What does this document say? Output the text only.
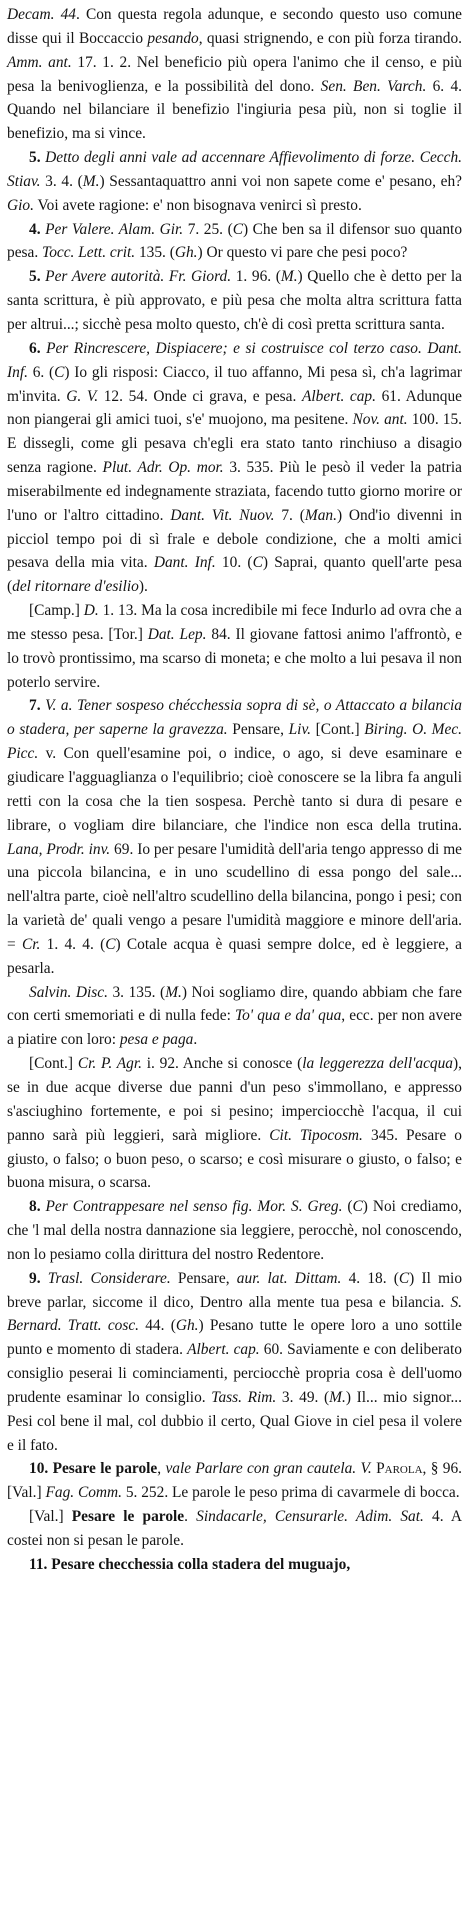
Decam. 44. Con questa regola adunque, e secondo questo uso comune disse qui il Boccaccio pesando, quasi strignendo, e con più forza tirando. Amm. ant. 17. 1. 2. Nel beneficio più opera l'animo che il censo, e più pesa la benivoglienza, e la possibilità del dono. Sen. Ben. Varch. 6. 4. Quando nel bilanciare il benefizio l'ingiuria pesa più, non si toglie il benefizio, ma si vince.

5. Detto degli anni vale ad accennare Affievolimento di forze. Cecch. Stiav. 3. 4. (M.) Sessantaquattro anni voi non sapete come e' pesano, eh? Gio. Voi avete ragione: e' non bisognava venirci sì presto.

4. Per Valere. Alam. Gir. 7. 25. (C) Che ben sa il difensor suo quanto pesa. Tocc. Lett. crit. 135. (Gh.) Or questo vi pare che pesi poco?

5. Per Avere autorità. Fr. Giord. 1. 96. (M.) Quello che è detto per la santa scrittura, è più approvato, e più pesa che molta altra scrittura fatta per altrui...; sicchè pesa molto questo, ch'è di così pretta scrittura santa.

6. Per Rincrescere, Dispiacere; e si costruisce col terzo caso. Dant. Inf. 6. (C) Io gli risposi: Ciacco, il tuo affanno, Mi pesa sì, ch'a lagrimar m'invita. G. V. 12. 54. Onde ci grava, e pesa. Albert. cap. 61. Adunque non piangerai gli amici tuoi, s'e' muojono, ma pesitene. Nov. ant. 100. 15. E dissegli, come gli pesava ch'egli era stato tanto rinchiuso a disagio senza ragione. Plut. Adr. Op. mor. 3. 535. Più le pesò il veder la patria miserabilmente ed indegnamente straziata, facendo tutto giorno morire or l'uno or l'altro cittadino. Dant. Vit. Nuov. 7. (Man.) Ond'io divenni in picciol tempo poi di sì frale e debole condizione, che a molti amici pesava della mia vita. Dant. Inf. 10. (C) Saprai, quanto quell'arte pesa (del ritornare d'esilio).

[Camp.] D. 1. 13. Ma la cosa incredibile mi fece Indurlo ad ovra che a me stesso pesa. [Tor.] Dat. Lep. 84. Il giovane fattosi animo l'affrontò, e lo trovò prontissimo, ma scarso di moneta; e che molto a lui pesava il non poterlo servire.

7. V. a. Tener sospeso chécchessia sopra di sè, o Attaccato a bilancia o stadera, per saperne la gravezza. Pensare, Liv. [Cont.] Biring. O. Mec. Picc. v. Con quell'esamine poi, o indice, o ago, si deve esaminare e giudicare l'agguaglianza o l'equilibrio; cioè conoscere se la libra fa anguli retti con la cosa che la tien sospesa. Perchè tanto si dura di pesare e librare, o vogliam dire bilanciare, che l'indice non esca della trutina. Lana, Prodr. inv. 69. Io per pesare l'umidità dell'aria tengo appresso di me una piccola bilancina, e in uno scudellino di essa pongo del sale... nell'altra parte, cioè nell'altro scudellino della bilancina, pongo i pesi; con la varietà de' quali vengo a pesare l'umidità maggiore e minore dell'aria. = Cr. 1. 4. 4. (C) Cotale acqua è quasi sempre dolce, ed è leggiere, a pesarla.

Salvin. Disc. 3. 135. (M.) Noi sogliamo dire, quando abbiam che fare con certi smemoriati e di nulla fede: To' qua e da' qua, ecc. per non avere a piatire con loro: pesa e paga.

[Cont.] Cr. P. Agr. i. 92. Anche si conosce (la leggerezza dell'acqua), se in due acque diverse due panni d'un peso s'immollano, e appresso s'asciughino fortemente, e poi si pesino; imperciocchè l'acqua, il cui panno sarà più leggieri, sarà migliore. Cit. Tipocosm. 345. Pesare o giusto, o falso; o buon peso, o scarso; e così misurare o giusto, o falso; e buona misura, o scarsa.

8. Per Contrappesare nel senso fig. Mor. S. Greg. (C) Noi crediamo, che 'l mal della nostra dannazione sia leggiere, perocchè, nol conoscendo, non lo pesiamo colla dirittura del nostro Redentore.

9. Trasl. Considerare. Pensare, aur. lat. Dittam. 4. 18. (C) Il mio breve parlar, siccome il dico, Dentro alla mente tua pesa e bilancia. S. Bernard. Tratt. cosc. 44. (Gh.) Pesano tutte le opere loro a uno sottile punto e momento di stadera. Albert. cap. 60. Saviamente e con deliberato consiglio peserai li cominciamenti, perciocchè propria cosa è dell'uomo prudente esaminar lo consiglio. Tass. Rim. 3. 49. (M.) Il... mio signor... Pesi col bene il mal, col dubbio il certo, Qual Giove in ciel pesa il volere e il fato.

10. Pesare le parole, vale Parlare con gran cautela. V. Parola, § 96. [Val.] Fag. Comm. 5. 252. Le parole le peso prima di cavarmele di bocca.

[Val.] Pesare le parole. Sindacarle, Censurarle. Adim. Sat. 4. A costei non si pesan le parole.

11. Pesare checchessia colla stadera del muguajo,
